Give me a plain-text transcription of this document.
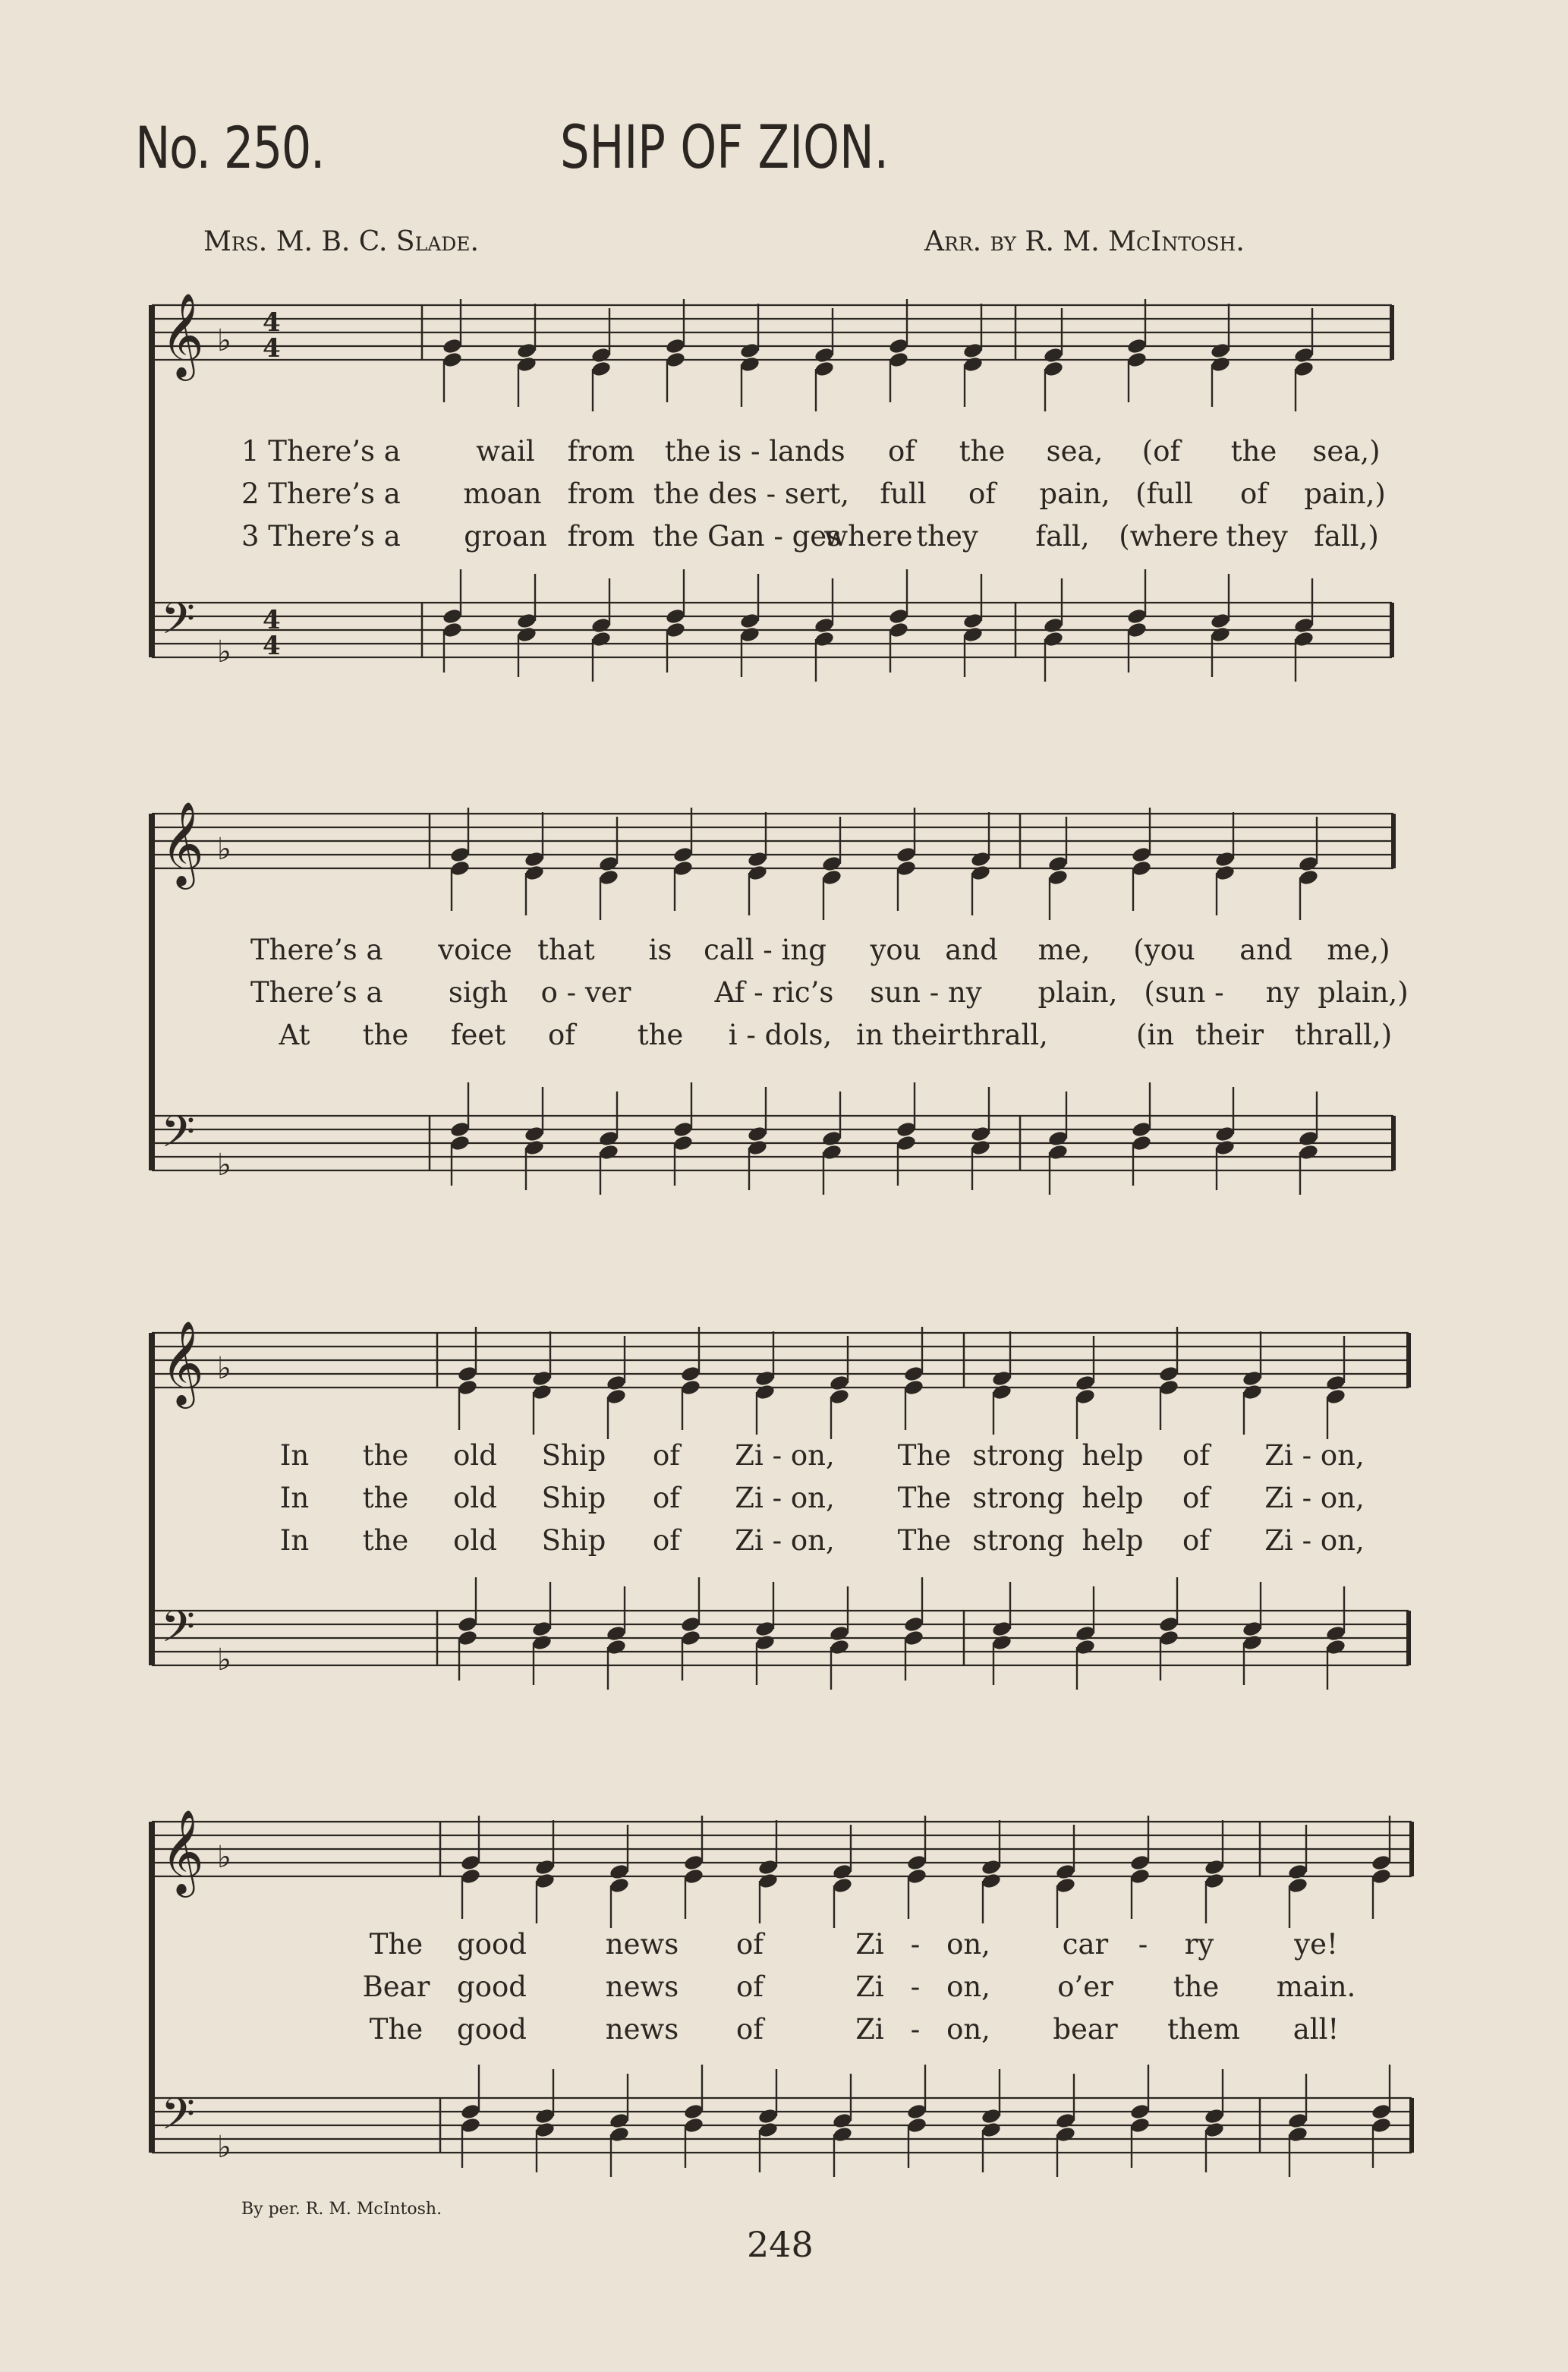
No. 250.	SHIP OF ZION.
Mrs. M. B. C. Slade.	Arr. by R. M. McIntosh.
𝄞 ♭
𝄢 ♭
4
4
4
4
𝄞 ♭
𝄢 ♭
𝄞 ♭
𝄢 ♭
𝄞 ♭
𝄢 ♭
1 There’s a	wail from the is - lands of the sea, (of the sea,)
2 There’s a moan from the des - sert, full of pain, (full of pain,)
3 There’s a groan from the Gan - ges
where they fall, (where they fall,)
There’s a voice that is call - ing you and me, (you and me,)
There’s a sigh o - ver	Af - ric’s sun - ny plain, (sun - ny plain,)
At the feet of the i - dols, in their thrall,	(in their thrall,)
In the old Ship of Zi - on, The strong help of Zi - on,
In the old Ship of Zi - on, The strong help of Zi - on,
In the old Ship of Zi - on, The strong help of Zi - on,
The good	news of	Zi - on,	car - ry	ye!
Bear good	news of	Zi - on, o’er the main.
The good	news of	Zi - on, bear them all!
By per. R. M. McIntosh.
248
